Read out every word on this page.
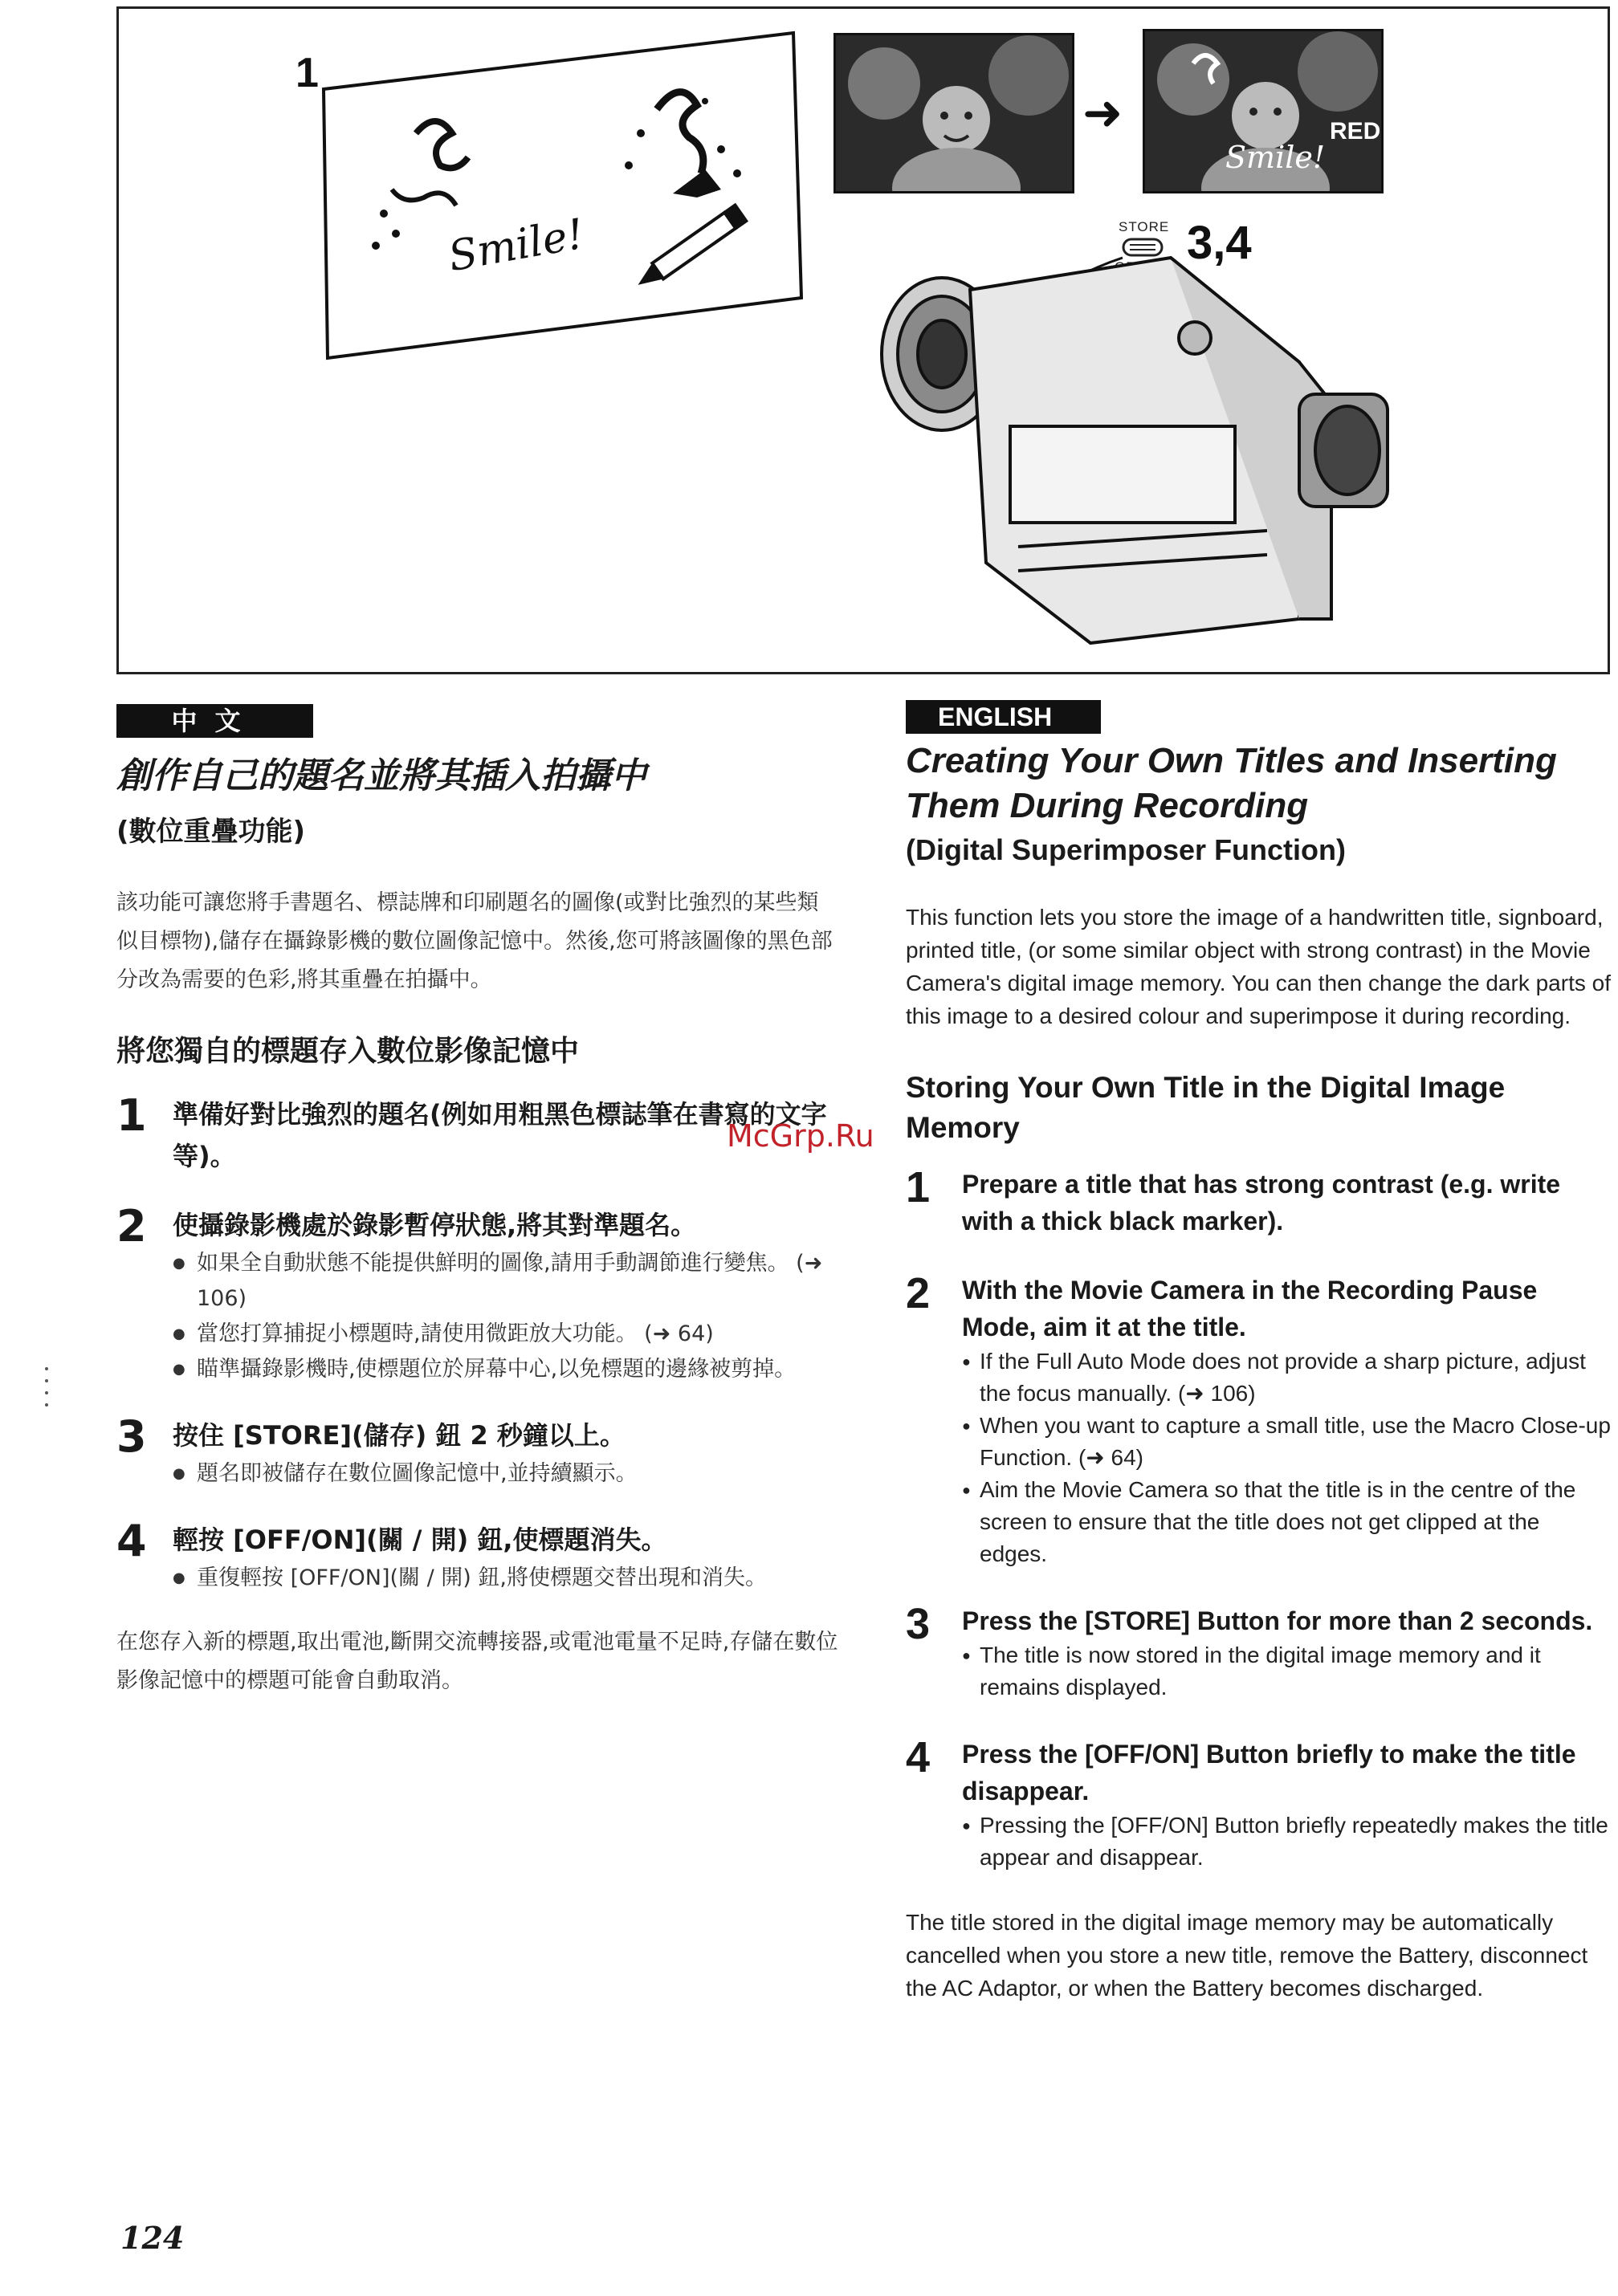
1
Smile!
➜
Smile!
RED
STORE 3,4
中文
創作自己的題名並將其插入拍攝中
(數位重疊功能)

該功能可讓您將手書題名、標誌牌和印刷題名的圖像(或對比強烈的某些類似目標物),儲存在攝錄影機的數位圖像記憶中。然後,您可將該圖像的黑色部分改為需要的色彩,將其重疊在拍攝中。

將您獨自的標題存入數位影像記憶中
1 準備好對比強烈的題名(例如用粗黑色標誌筆在書寫的文字等)。
2 使攝錄影機處於錄影暫停狀態,將其對準題名。
● 如果全自動狀態不能提供鮮明的圖像,請用手動調節進行變焦。 (➜ 106)
● 當您打算捕捉小標題時,請使用微距放大功能。 (➜ 64)
● 瞄準攝錄影機時,使標題位於屏幕中心,以免標題的邊緣被剪掉。
3 按住 [STORE](儲存) 鈕 2 秒鐘以上。
● 題名即被儲存在數位圖像記憶中,並持續顯示。
4 輕按 [OFF/ON](關 / 開) 鈕,使標題消失。
● 重復輕按 [OFF/ON](關 / 開) 鈕,將使標題交替出現和消失。

在您存入新的標題,取出電池,斷開交流轉接器,或電池電量不足時,存儲在數位影像記憶中的標題可能會自動取消。

ENGLISH
Creating Your Own Titles and Inserting Them During Recording
(Digital Superimposer Function)

This function lets you store the image of a handwritten title, signboard, printed title, (or some similar object with strong contrast) in the Movie Camera's digital image memory. You can then change the dark parts of this image to a desired colour and superimpose it during recording.

Storing Your Own Title in the Digital Image Memory
1 Prepare a title that has strong contrast (e.g. write with a thick black marker).
2 With the Movie Camera in the Recording Pause Mode, aim it at the title.
● If the Full Auto Mode does not provide a sharp picture, adjust the focus manually. (➜ 106)
● When you want to capture a small title, use the Macro Close-up Function. (➜ 64)
● Aim the Movie Camera so that the title is in the centre of the screen to ensure that the title does not get clipped at the edges.
3 Press the [STORE] Button for more than 2 seconds.
● The title is now stored in the digital image memory and it remains displayed.
4 Press the [OFF/ON] Button briefly to make the title disappear.
● Pressing the [OFF/ON] Button briefly repeatedly makes the title appear and disappear.

The title stored in the digital image memory may be automatically cancelled when you store a new title, remove the Battery, disconnect the AC Adaptor, or when the Battery becomes discharged.

McGrp.Ru
124
